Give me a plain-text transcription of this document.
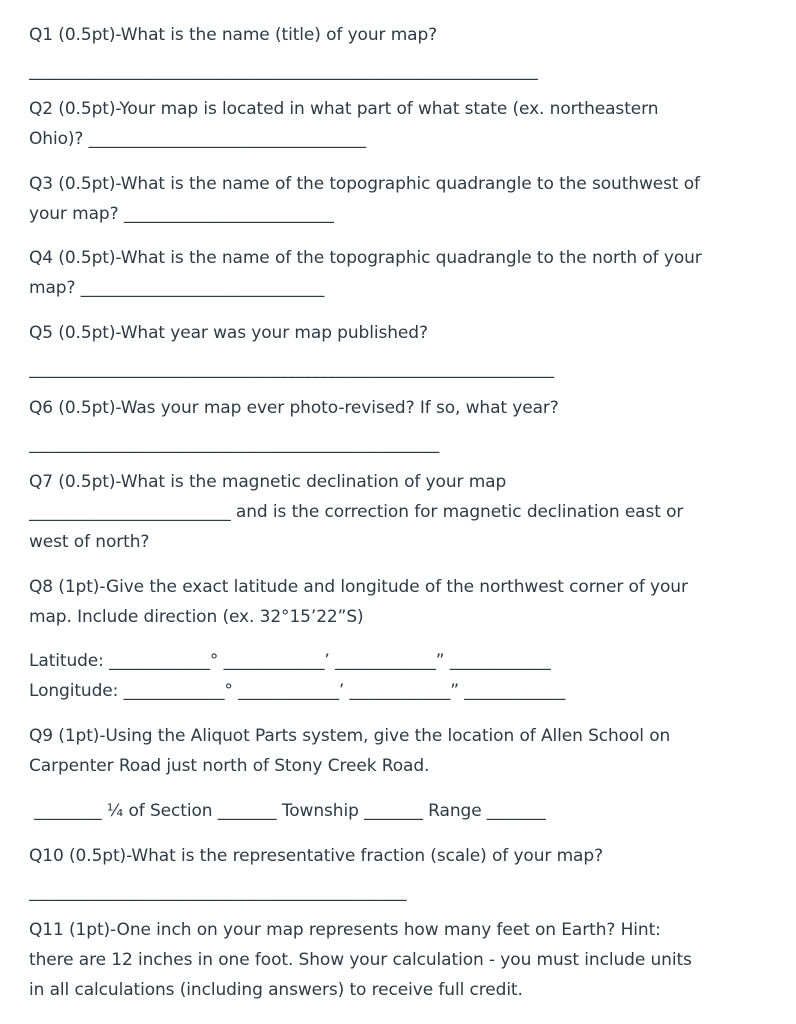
Q1 (0.5pt)-What is the name (title) of your map?
______________________________________________________________
Q2 (0.5pt)-Your map is located in what part of what state (ex. northeastern
Ohio)? _________________________________
Q3 (0.5pt)-What is the name of the topographic quadrangle to the southwest of
your map? _________________________
Q4 (0.5pt)-What is the name of the topographic quadrangle to the north of your
map? _____________________________
Q5 (0.5pt)-What year was your map published?
________________________________________________________________
Q6 (0.5pt)-Was your map ever photo-revised? If so, what year?
__________________________________________________
Q7 (0.5pt)-What is the magnetic declination of your map
________________________ and is the correction for magnetic declination east or
west of north?
Q8 (1pt)-Give the exact latitude and longitude of the northwest corner of your
map. Include direction (ex. 32°15’22”S)
Latitude: ____________° ____________’ ____________” ____________
Longitude: ____________° ____________’ ____________” ____________
Q9 (1pt)-Using the Aliquot Parts system, give the location of Allen School on
Carpenter Road just north of Stony Creek Road.
________ ¼ of Section _______ Township _______ Range _______
Q10 (0.5pt)-What is the representative fraction (scale) of your map?
______________________________________________
Q11 (1pt)-One inch on your map represents how many feet on Earth? Hint:
there are 12 inches in one foot. Show your calculation - you must include units
in all calculations (including answers) to receive full credit.
